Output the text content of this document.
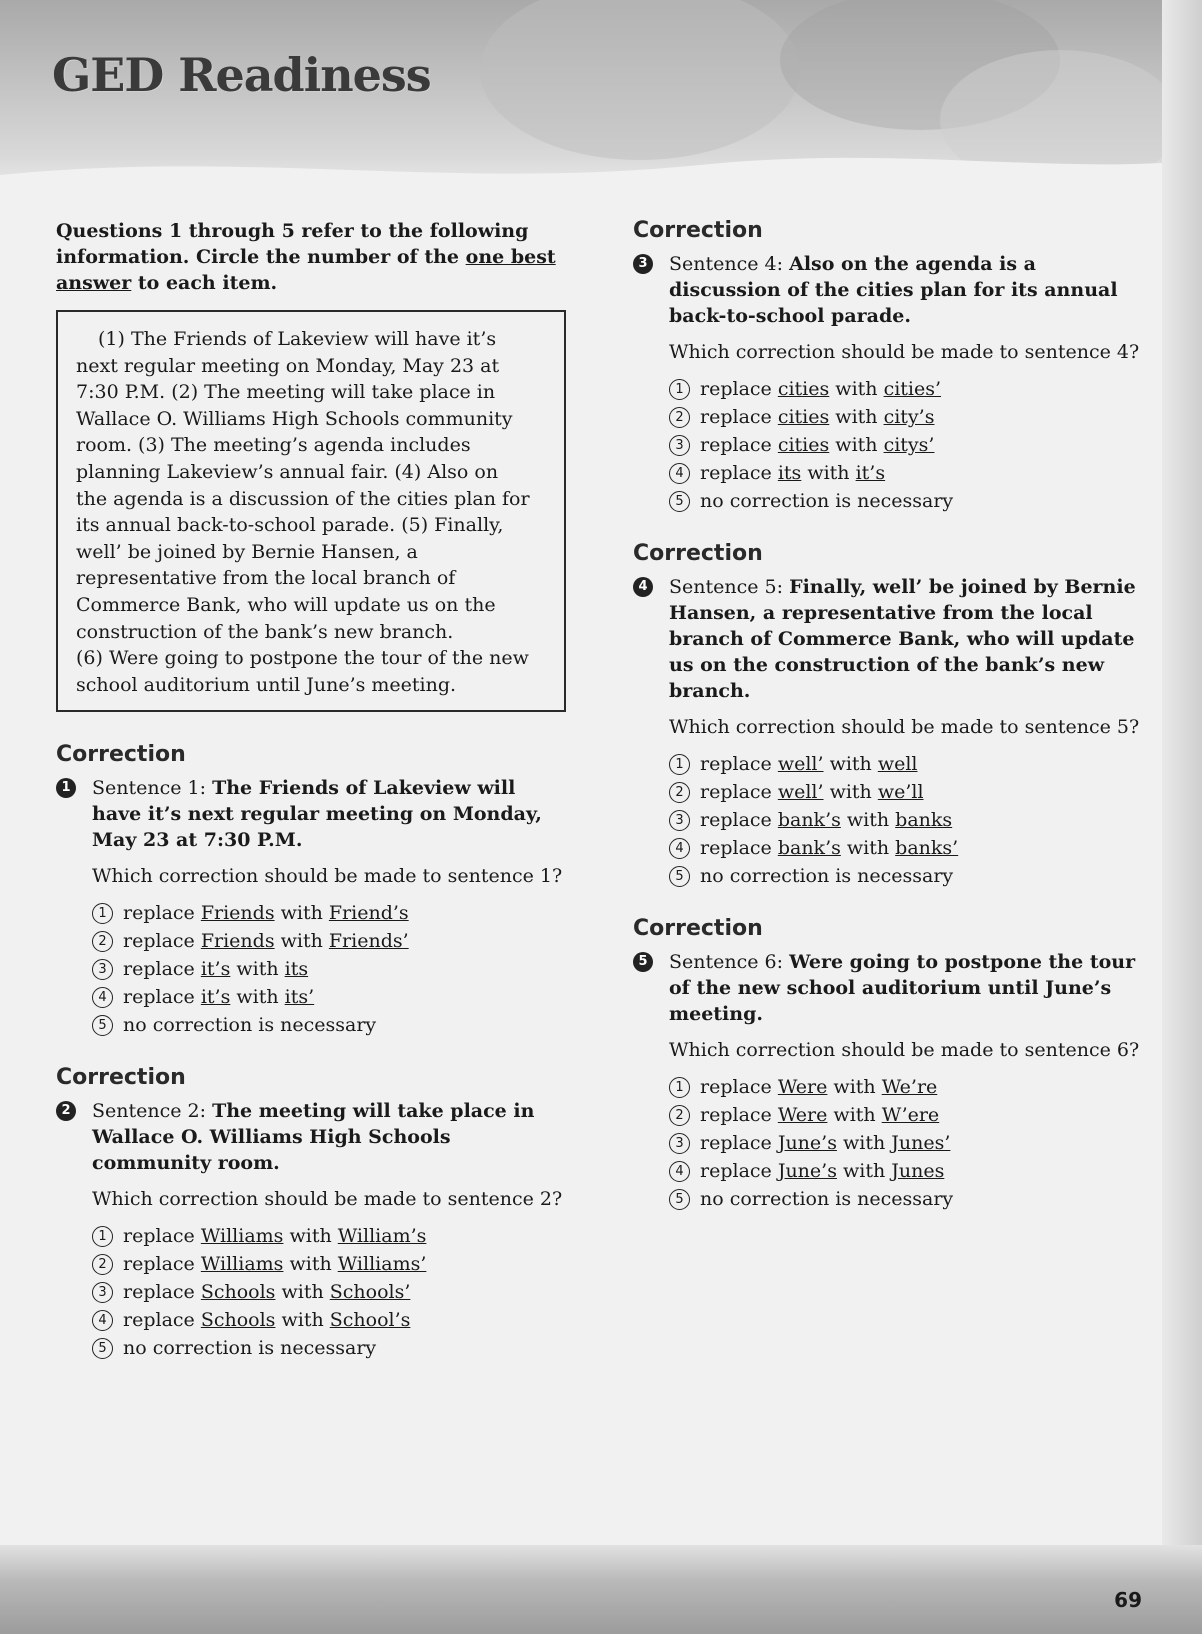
GED Readiness

Questions 1 through 5 refer to the following information. Circle the number of the one best answer to each item.

(1) The Friends of Lakeview will have it’s

next regular meeting on Monday, May 23 at

7:30 P.M. (2) The meeting will take place in

Wallace O. Williams High Schools community

room. (3) The meeting’s agenda includes

planning Lakeview’s annual fair. (4) Also on

the agenda is a discussion of the cities plan for

its annual back-to-school parade. (5) Finally,

well’ be joined by Bernie Hansen, a

representative from the local branch of

Commerce Bank, who will update us on the

construction of the bank’s new branch.

(6) Were going to postpone the tour of the new

school auditorium until June’s meeting.

Correction
1 Sentence 1: The Friends of Lakeview will have it’s next regular meeting on Monday, May 23 at 7:30 P.M.

Which correction should be made to sentence 1?

1 replace Friends with Friend’s
2 replace Friends with Friends’
3 replace it’s with its
4 replace it’s with its’
5 no correction is necessary
Correction
2 Sentence 2: The meeting will take place in Wallace O. Williams High Schools community room.

Which correction should be made to sentence 2?

1 replace Williams with William’s
2 replace Williams with Williams’
3 replace Schools with Schools’
4 replace Schools with School’s
5 no correction is necessary
Correction
3 Sentence 4: Also on the agenda is a discussion of the cities plan for its annual back-to-school parade.

Which correction should be made to sentence 4?

1 replace cities with cities’
2 replace cities with city’s
3 replace cities with citys’
4 replace its with it’s
5 no correction is necessary
Correction
4 Sentence 5: Finally, well’ be joined by Bernie Hansen, a representative from the local branch of Commerce Bank, who will update us on the construction of the bank’s new branch.

Which correction should be made to sentence 5?

1 replace well’ with well
2 replace well’ with we’ll
3 replace bank’s with banks
4 replace bank’s with banks’
5 no correction is necessary
Correction
5 Sentence 6: Were going to postpone the tour of the new school auditorium until June’s meeting.

Which correction should be made to sentence 6?

1 replace Were with We’re
2 replace Were with W’ere
3 replace June’s with Junes’
4 replace June’s with Junes
5 no correction is necessary
69
